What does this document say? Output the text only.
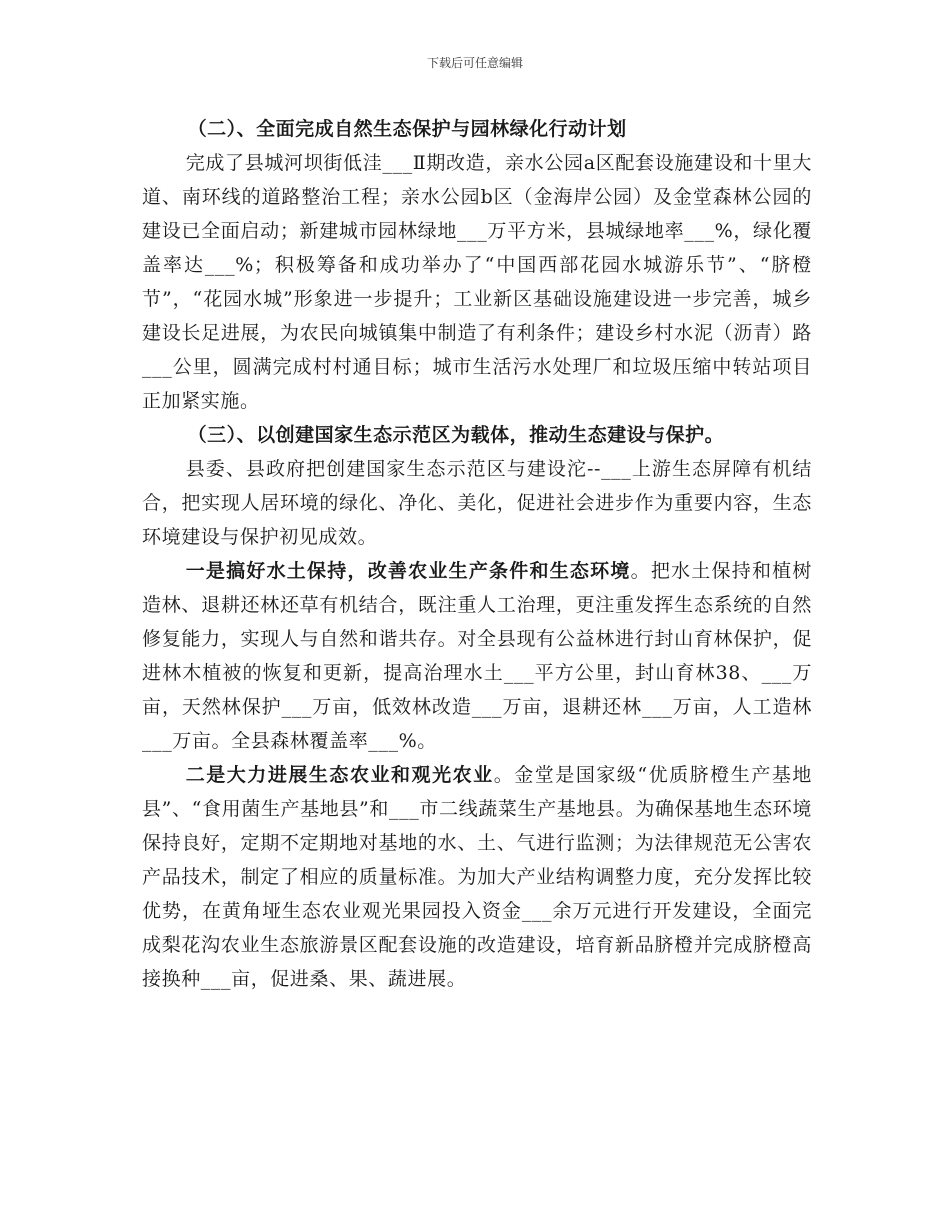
下载后可任意编辑

（二）、全面完成自然生态保护与园林绿化行动计划

完成了县城河坝街低洼___Ⅱ期改造，亲水公园a区配套设施建设和十里大道、南环线的道路整治工程；亲水公园b区（金海岸公园）及金堂森林公园的建设已全面启动；新建城市园林绿地___万平方米，县城绿地率___%，绿化覆盖率达___%；积极筹备和成功举办了“中国西部花园水城游乐节”、“脐橙节”，“花园水城”形象进一步提升；工业新区基础设施建设进一步完善，城乡建设长足进展，为农民向城镇集中制造了有利条件；建设乡村水泥（沥青）路___公里，圆满完成村村通目标；城市生活污水处理厂和垃圾压缩中转站项目正加紧实施。

（三）、以创建国家生态示范区为载体，推动生态建设与保护。

县委、县政府把创建国家生态示范区与建设沱--___上游生态屏障有机结合，把实现人居环境的绿化、净化、美化，促进社会进步作为重要内容，生态环境建设与保护初见成效。

一是搞好水土保持，改善农业生产条件和生态环境。把水土保持和植树造林、退耕还林还草有机结合，既注重人工治理，更注重发挥生态系统的自然修复能力，实现人与自然和谐共存。对全县现有公益林进行封山育林保护，促进林木植被的恢复和更新，提高治理水土___平方公里，封山育林38、___万亩，天然林保护___万亩，低效林改造___万亩，退耕还林___万亩，人工造林___万亩。全县森林覆盖率___%。

二是大力进展生态农业和观光农业。金堂是国家级“优质脐橙生产基地县”、“食用菌生产基地县”和___市二线蔬菜生产基地县。为确保基地生态环境保持良好，定期不定期地对基地的水、土、气进行监测；为法律规范无公害农产品技术，制定了相应的质量标准。为加大产业结构调整力度，充分发挥比较优势，在黄角垭生态农业观光果园投入资金___余万元进行开发建设，全面完成梨花沟农业生态旅游景区配套设施的改造建设，培育新品脐橙并完成脐橙高接换种___亩，促进桑、果、蔬进展。
